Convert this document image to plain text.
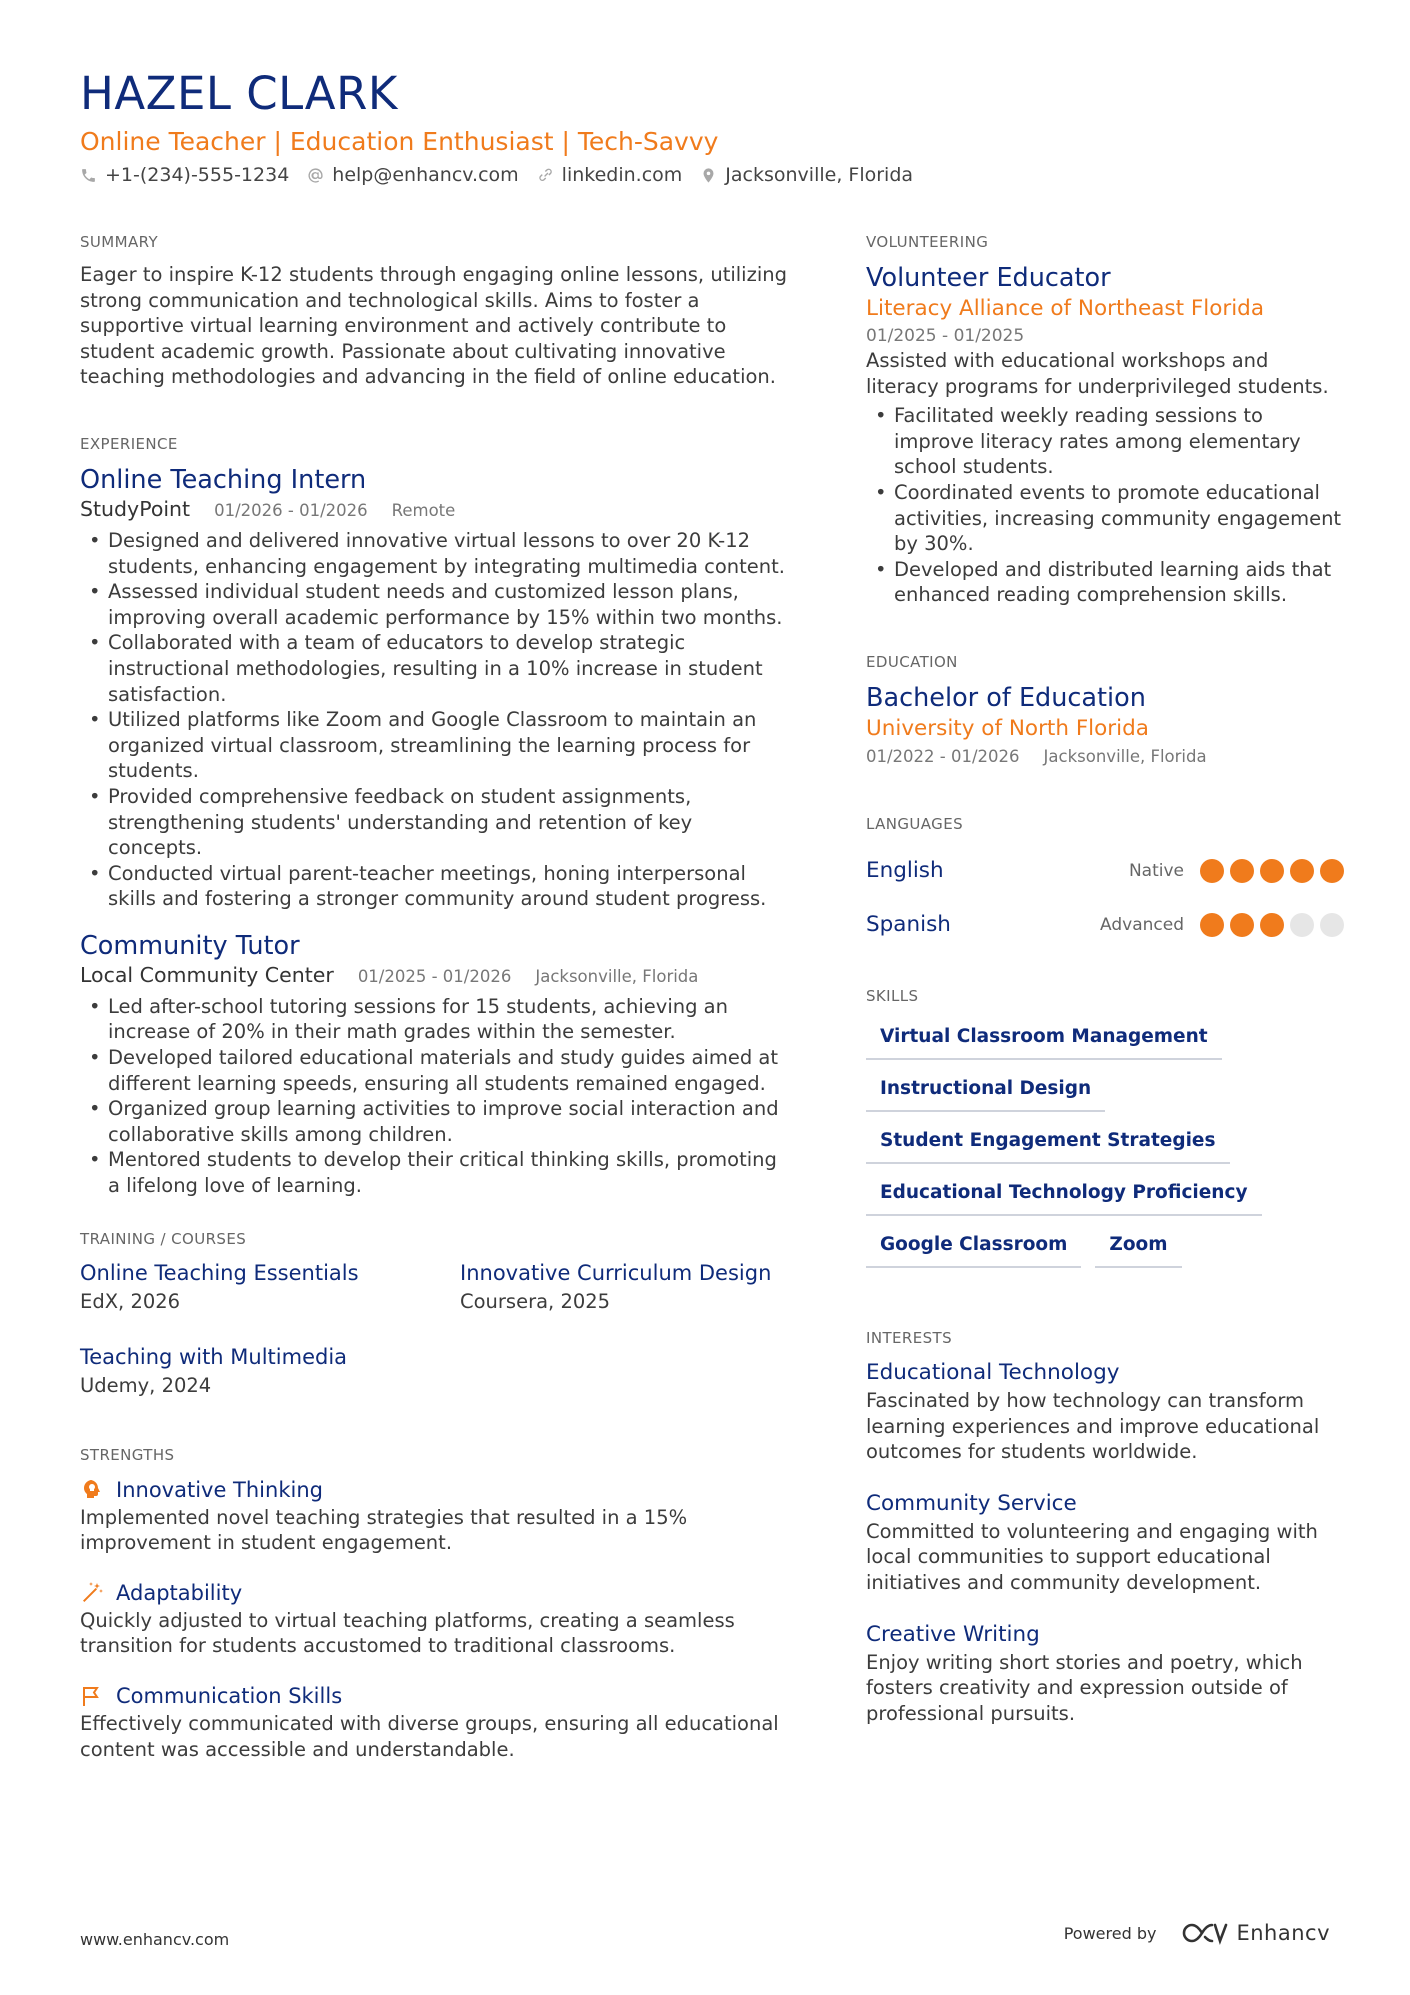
HAZEL CLARK
Online Teacher | Education Enthusiast | Tech-Savvy
+1-(234)-555-1234 help@enhancv.com linkedin.com Jacksonville, Florida
SUMMARY
Eager to inspire K-12 students through engaging online lessons, utilizing strong communication and technological skills. Aims to foster a supportive virtual learning environment and actively contribute to student academic growth. Passionate about cultivating innovative teaching methodologies and advancing in the field of online education.
EXPERIENCE
Online Teaching Intern
StudyPoint 01/2026 - 01/2026 Remote
• Designed and delivered innovative virtual lessons to over 20 K-12 students, enhancing engagement by integrating multimedia content.
• Assessed individual student needs and customized lesson plans, improving overall academic performance by 15% within two months.
• Collaborated with a team of educators to develop strategic instructional methodologies, resulting in a 10% increase in student satisfaction.
• Utilized platforms like Zoom and Google Classroom to maintain an organized virtual classroom, streamlining the learning process for students.
• Provided comprehensive feedback on student assignments, strengthening students' understanding and retention of key concepts.
• Conducted virtual parent-teacher meetings, honing interpersonal skills and fostering a stronger community around student progress.
Community Tutor
Local Community Center 01/2025 - 01/2026 Jacksonville, Florida
• Led after-school tutoring sessions for 15 students, achieving an increase of 20% in their math grades within the semester.
• Developed tailored educational materials and study guides aimed at different learning speeds, ensuring all students remained engaged.
• Organized group learning activities to improve social interaction and collaborative skills among children.
• Mentored students to develop their critical thinking skills, promoting a lifelong love of learning.
TRAINING / COURSES
Online Teaching Essentials
EdX, 2026
Innovative Curriculum Design
Coursera, 2025
Teaching with Multimedia
Udemy, 2024
STRENGTHS
Innovative Thinking
Implemented novel teaching strategies that resulted in a 15% improvement in student engagement.
Adaptability
Quickly adjusted to virtual teaching platforms, creating a seamless transition for students accustomed to traditional classrooms.
Communication Skills
Effectively communicated with diverse groups, ensuring all educational content was accessible and understandable.
VOLUNTEERING
Volunteer Educator
Literacy Alliance of Northeast Florida
01/2025 - 01/2025
Assisted with educational workshops and literacy programs for underprivileged students.
• Facilitated weekly reading sessions to improve literacy rates among elementary school students.
• Coordinated events to promote educational activities, increasing community engagement by 30%.
• Developed and distributed learning aids that enhanced reading comprehension skills.
EDUCATION
Bachelor of Education
University of North Florida
01/2022 - 01/2026 Jacksonville, Florida
LANGUAGES
English	Native
Spanish	Advanced
SKILLS
Virtual Classroom Management
Instructional Design
Student Engagement Strategies
Educational Technology Proficiency
Google Classroom	Zoom
INTERESTS
Educational Technology
Fascinated by how technology can transform learning experiences and improve educational outcomes for students worldwide.
Community Service
Committed to volunteering and engaging with local communities to support educational initiatives and community development.
Creative Writing
Enjoy writing short stories and poetry, which fosters creativity and expression outside of professional pursuits.
www.enhancv.com	Powered by	Enhancv
